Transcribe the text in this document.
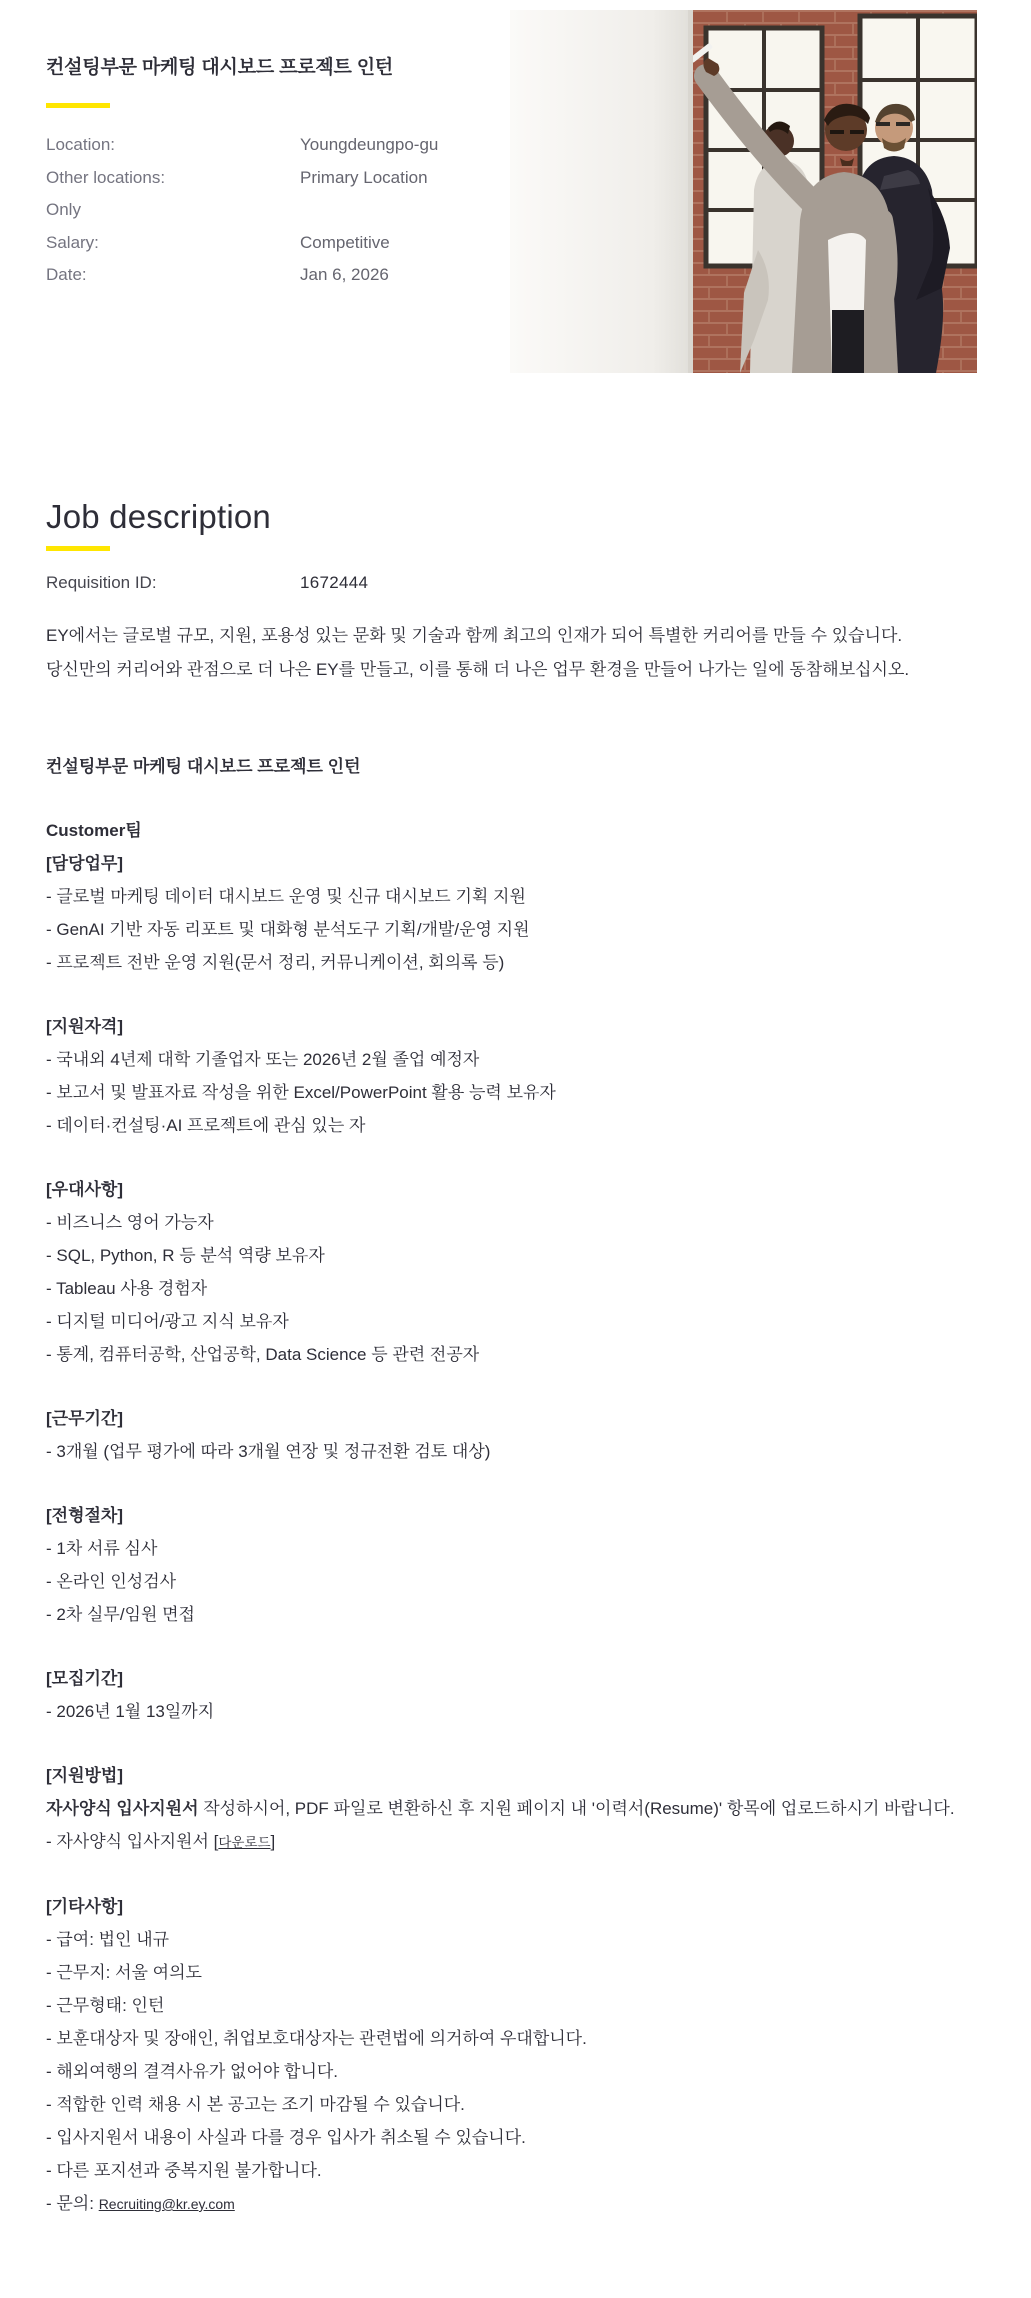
컨설팅부문 마케팅 대시보드 프로젝트 인턴
Location:	Youngdeungpo-gu
Other locations:	Primary Location
Only
Salary:	Competitive
Date:	Jan 6, 2026
Job description
Requisition ID:	1672444

EY에서는 글로벌 규모, 지원, 포용성 있는 문화 및 기술과 함께 최고의 인재가 되어 특별한 커리어를 만들 수 있습니다.

당신만의 커리어와 관점으로 더 나은 EY를 만들고, 이를 통해 더 나은 업무 환경을 만들어 나가는 일에 동참해보십시오.

컨설팅부문 마케팅 대시보드 프로젝트 인턴
Customer팀
[담당업무]
- 글로벌 마케팅 데이터 대시보드 운영 및 신규 대시보드 기획 지원
- GenAI 기반 자동 리포트 및 대화형 분석도구 기획/개발/운영 지원
- 프로젝트 전반 운영 지원(문서 정리, 커뮤니케이션, 회의록 등)
[지원자격]
- 국내외 4년제 대학 기졸업자 또는 2026년 2월 졸업 예정자
- 보고서 및 발표자료 작성을 위한 Excel/PowerPoint 활용 능력 보유자
- 데이터·컨설팅·AI 프로젝트에 관심 있는 자
[우대사항]
- 비즈니스 영어 가능자
- SQL, Python, R 등 분석 역량 보유자
- Tableau 사용 경험자
- 디지털 미디어/광고 지식 보유자
- 통계, 컴퓨터공학, 산업공학, Data Science 등 관련 전공자
[근무기간]
- 3개월 (업무 평가에 따라 3개월 연장 및 정규전환 검토 대상)
[전형절차]
- 1차 서류 심사
- 온라인 인성검사
- 2차 실무/임원 면접
[모집기간]
- 2026년 1월 13일까지
[지원방법]
자사양식 입사지원서 작성하시어, PDF 파일로 변환하신 후 지원 페이지 내 '이력서(Resume)' 항목에 업로드하시기 바랍니다.
- 자사양식 입사지원서 [다운로드]
[기타사항]
- 급여: 법인 내규
- 근무지: 서울 여의도
- 근무형태: 인턴
- 보훈대상자 및 장애인, 취업보호대상자는 관련법에 의거하여 우대합니다.
- 해외여행의 결격사유가 없어야 합니다.
- 적합한 인력 채용 시 본 공고는 조기 마감될 수 있습니다.
- 입사지원서 내용이 사실과 다를 경우 입사가 취소될 수 있습니다.
- 다른 포지션과 중복지원 불가합니다.
- 문의: Recruiting@kr.ey.com
